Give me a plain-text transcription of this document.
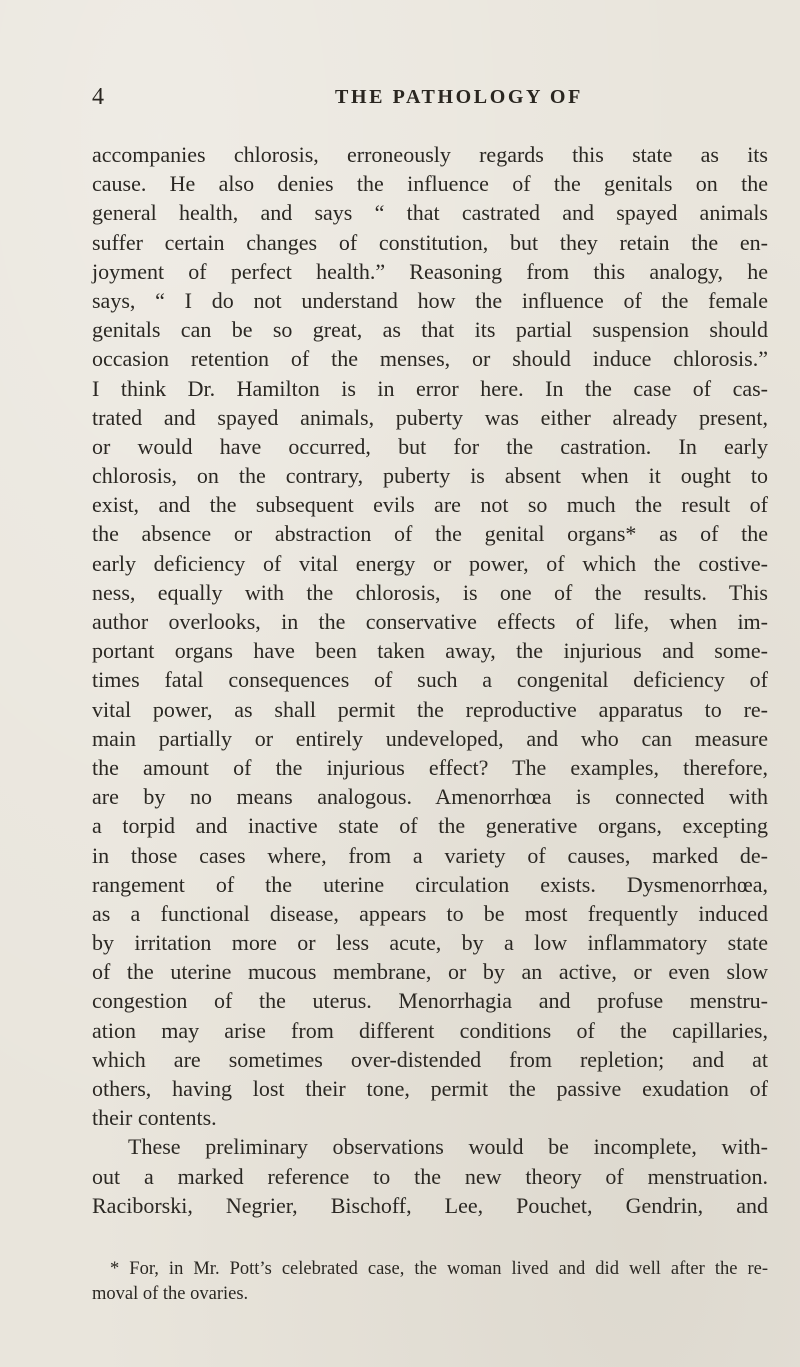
4	THE PATHOLOGY OF
accompanies chlorosis, erroneously regards this state as its
cause. He also denies the influence of the genitals on the
general health, and says “ that castrated and spayed animals
suffer certain changes of constitution, but they retain the en-
joyment of perfect health.” Reasoning from this analogy, he
says, “ I do not understand how the influence of the female
genitals can be so great, as that its partial suspension should
occasion retention of the menses, or should induce chlorosis.”
I think Dr. Hamilton is in error here. In the case of cas-
trated and spayed animals, puberty was either already present,
or would have occurred, but for the castration. In early
chlorosis, on the contrary, puberty is absent when it ought to
exist, and the subsequent evils are not so much the result of
the absence or abstraction of the genital organs* as of the
early deficiency of vital energy or power, of which the costive-
ness, equally with the chlorosis, is one of the results. This
author overlooks, in the conservative effects of life, when im-
portant organs have been taken away, the injurious and some-
times fatal consequences of such a congenital deficiency of
vital power, as shall permit the reproductive apparatus to re-
main partially or entirely undeveloped, and who can measure
the amount of the injurious effect? The examples, therefore,
are by no means analogous. Amenorrhœa is connected with
a torpid and inactive state of the generative organs, excepting
in those cases where, from a variety of causes, marked de-
rangement of the uterine circulation exists. Dysmenorrhœa,
as a functional disease, appears to be most frequently induced
by irritation more or less acute, by a low inflammatory state
of the uterine mucous membrane, or by an active, or even slow
congestion of the uterus. Menorrhagia and profuse menstru-
ation may arise from different conditions of the capillaries,
which are sometimes over-distended from repletion; and at
others, having lost their tone, permit the passive exudation of
their contents.
These preliminary observations would be incomplete, with-
out a marked reference to the new theory of menstruation.
Raciborski, Negrier, Bischoff, Lee, Pouchet, Gendrin, and
* For, in Mr. Pott’s celebrated case, the woman lived and did well after the re-
moval of the ovaries.
